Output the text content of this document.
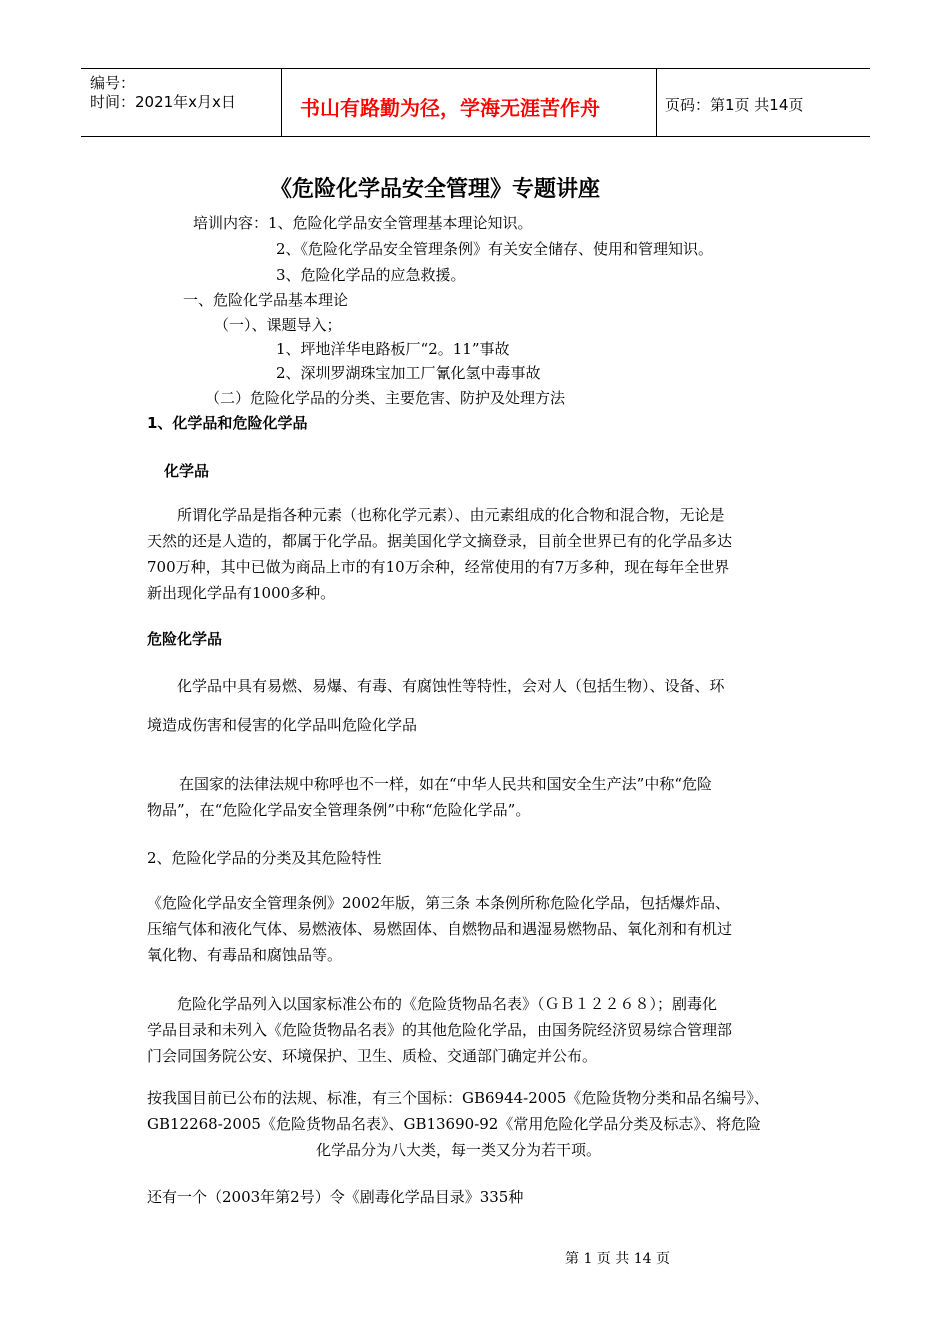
编号：
时间：2021年x月x日	书山有路勤为径，学海无涯苦作舟	页码：第1页 共14页
《危险化学品安全管理》专题讲座
培训内容：1、危险化学品安全管理基本理论知识。
2、《危险化学品安全管理条例》有关安全储存、使用和管理知识。
3、危险化学品的应急救援。
一、危险化学品基本理论
（一）、课题导入；
1、坪地洋华电路板厂“2。11”事故
2、深圳罗湖珠宝加工厂氰化氢中毒事故
（二）危险化学品的分类、主要危害、防护及处理方法
1、化学品和危险化学品
化学品
所谓化学品是指各种元素（也称化学元素）、由元素组成的化合物和混合物，无论是
天然的还是人造的，都属于化学品。据美国化学文摘登录，目前全世界已有的化学品多达
700万种，其中已做为商品上市的有10万余种，经常使用的有7万多种，现在每年全世界
新出现化学品有1000多种。
危险化学品
化学品中具有易燃、易爆、有毒、有腐蚀性等特性，会对人（包括生物）、设备、环
境造成伤害和侵害的化学品叫危险化学品
在国家的法律法规中称呼也不一样，如在“中华人民共和国安全生产法”中称“危险
物品”，在“危险化学品安全管理条例”中称“危险化学品”。
2、危险化学品的分类及其危险特性
《危险化学品安全管理条例》2002年版，第三条 本条例所称危险化学品，包括爆炸品、
压缩气体和液化气体、易燃液体、易燃固体、自燃物品和遇湿易燃物品、氧化剂和有机过
氧化物、有毒品和腐蚀品等。
危险化学品列入以国家标准公布的《危险货物品名表》（ＧＢ１２２６８）；剧毒化
学品目录和未列入《危险货物品名表》的其他危险化学品，由国务院经济贸易综合管理部
门会同国务院公安、环境保护、卫生、质检、交通部门确定并公布。
按我国目前已公布的法规、标准，有三个国标：GB6944-2005《危险货物分类和品名编号》、
GB12268-2005《危险货物品名表》、GB13690-92《常用危险化学品分类及标志》、将危险
化学品分为八大类，每一类又分为若干项。
还有一个（2003年第2号）令《剧毒化学品目录》335种
第 1 页 共 14 页
